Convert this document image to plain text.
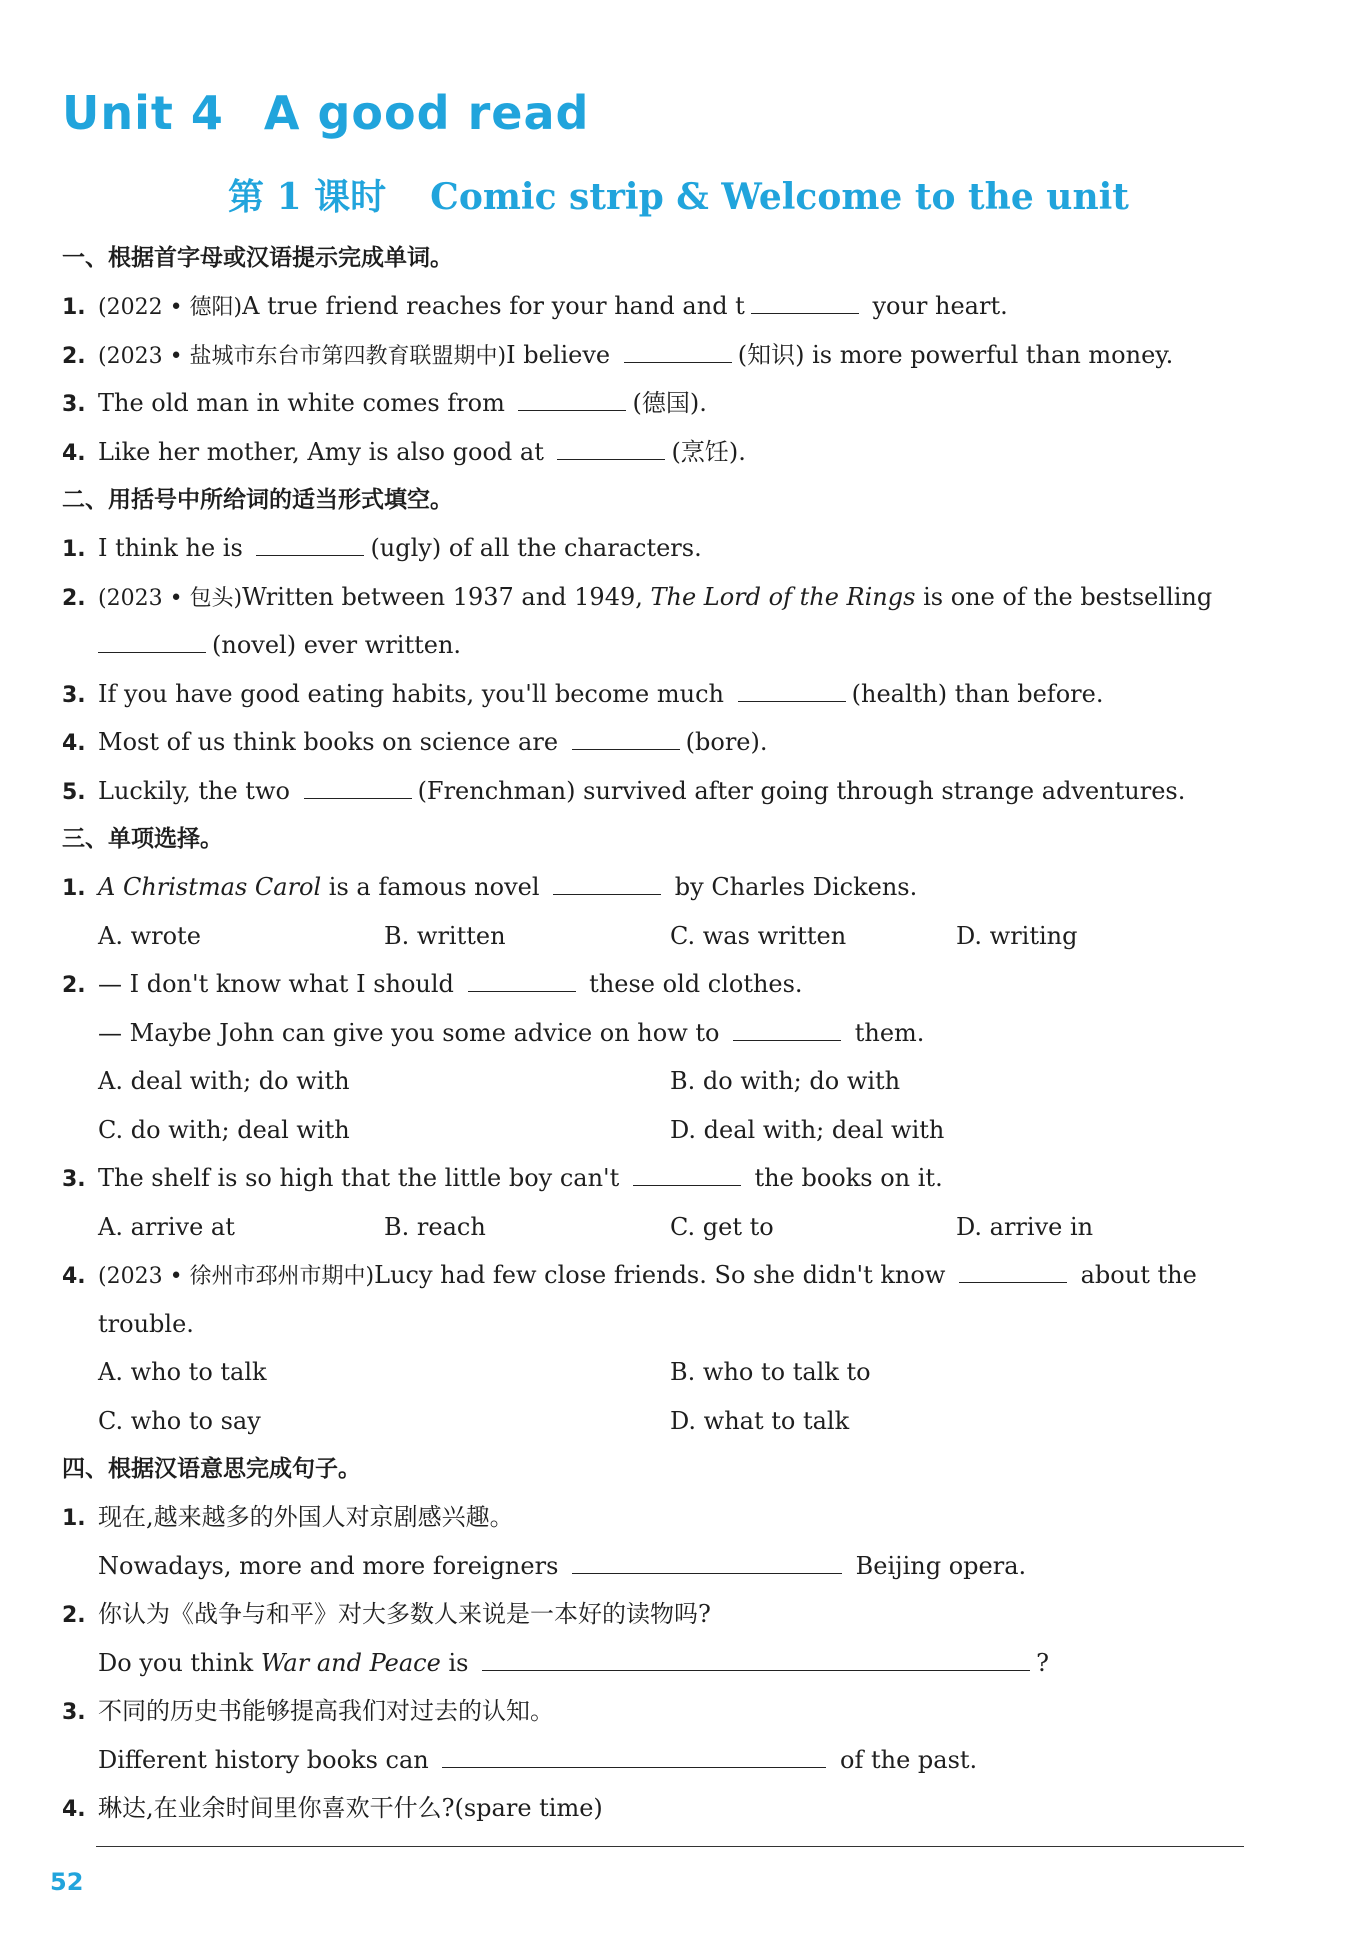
Unit 4 A good read
第 1 课时 Comic strip & Welcome to the unit
一、根据首字母或汉语提示完成单词。
1. (2022 • 德阳)A true friend reaches for your hand and t	your heart.
2. (2023 • 盐城市东台市第四教育联盟期中)I believe	(知识) is more powerful than money.
3. The old man in white comes from	(德国).
4. Like her mother, Amy is also good at	(烹饪).
二、用括号中所给词的适当形式填空。
1. I think he is	(ugly) of all the characters.
2. (2023 • 包头)Written between 1937 and 1949, The Lord of the Rings is one of the bestselling
(novel) ever written.
3. If you have good eating habits, you'll become much	(health) than before.
4. Most of us think books on science are	(bore).
5. Luckily, the two	(Frenchman) survived after going through strange adventures.
三、单项选择。
1. A Christmas Carol is a famous novel	by Charles Dickens.
A. wrote	B. written	C. was written	D. writing
2. — I don't know what I should	these old clothes.
— Maybe John can give you some advice on how to	them.
A. deal with; do with	B. do with; do with
C. do with; deal with	D. deal with; deal with
3. The shelf is so high that the little boy can't	the books on it.
A. arrive at	B. reach	C. get to	D. arrive in
4. (2023 • 徐州市邳州市期中)Lucy had few close friends. So she didn't know	about the
trouble.
A. who to talk	B. who to talk to
C. who to say	D. what to talk
四、根据汉语意思完成句子。
1. 现在,越来越多的外国人对京剧感兴趣。
Nowadays, more and more foreigners	Beijing opera.
2. 你认为《战争与和平》对大多数人来说是一本好的读物吗?
Do you think War and Peace is	?
3. 不同的历史书能够提高我们对过去的认知。
Different history books can	of the past.
4. 琳达,在业余时间里你喜欢干什么?(spare time)
52
